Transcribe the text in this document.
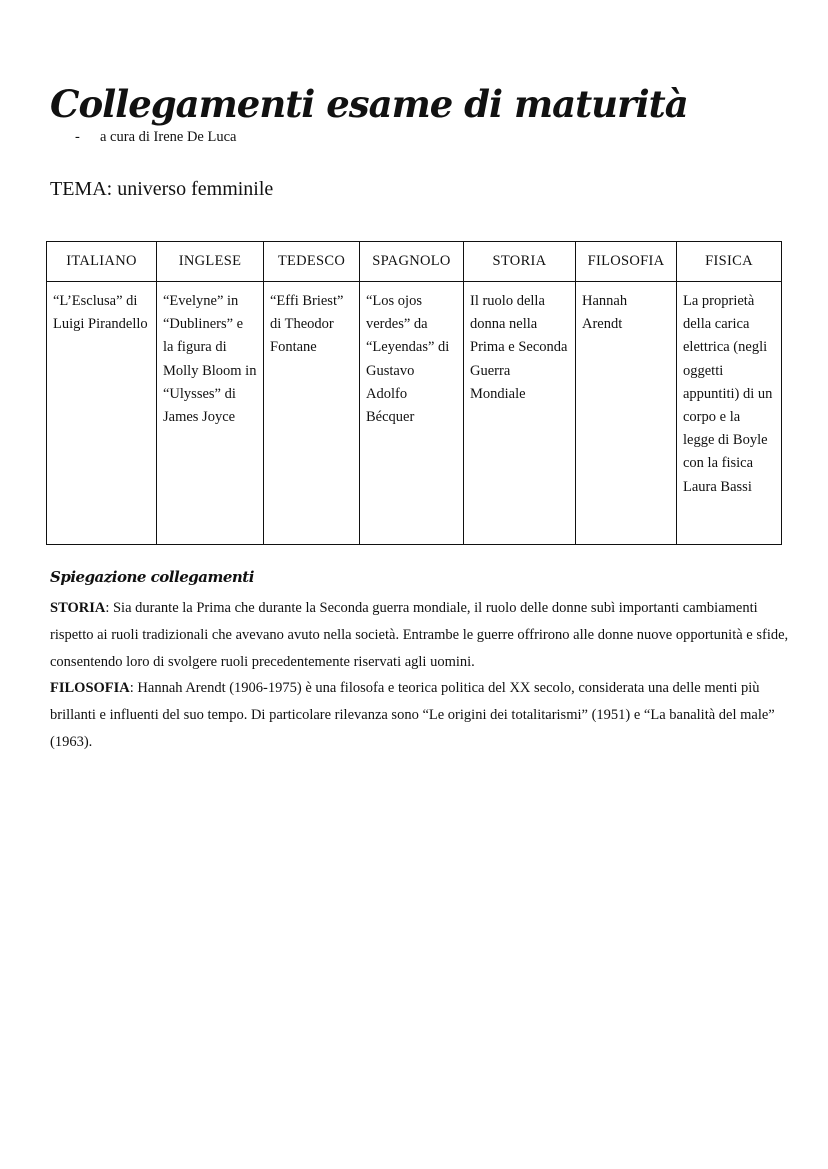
Collegamenti esame di maturità
- a cura di Irene De Luca
TEMA: universo femminile
ITALIANO	INGLESE	TEDESCO	SPAGNOLO	STORIA	FILOSOFIA	FISICA
“L’Esclusa” di Luigi Pirandello	“Evelyne” in “Dubliners” e la figura di Molly Bloom in “Ulysses” di James Joyce	“Effi Briest” di Theodor Fontane	“Los ojos verdes” da “Leyendas” di Gustavo Adolfo Bécquer	Il ruolo della donna nella Prima e Seconda Guerra Mondiale	Hannah Arendt	La proprietà della carica elettrica (negli oggetti appuntiti) di un corpo e la legge di Boyle con la fisica Laura Bassi
Spiegazione collegamenti

STORIA: Sia durante la Prima che durante la Seconda guerra mondiale, il ruolo delle donne subì importanti cambiamenti rispetto ai ruoli tradizionali che avevano avuto nella società. Entrambe le guerre offrirono alle donne nuove opportunità e sfide, consentendo loro di svolgere ruoli precedentemente riservati agli uomini.

FILOSOFIA: Hannah Arendt (1906-1975) è una filosofa e teorica politica del XX secolo, considerata una delle menti più brillanti e influenti del suo tempo. Di particolare rilevanza sono “Le origini dei totalitarismi” (1951) e “La banalità del male” (1963).
